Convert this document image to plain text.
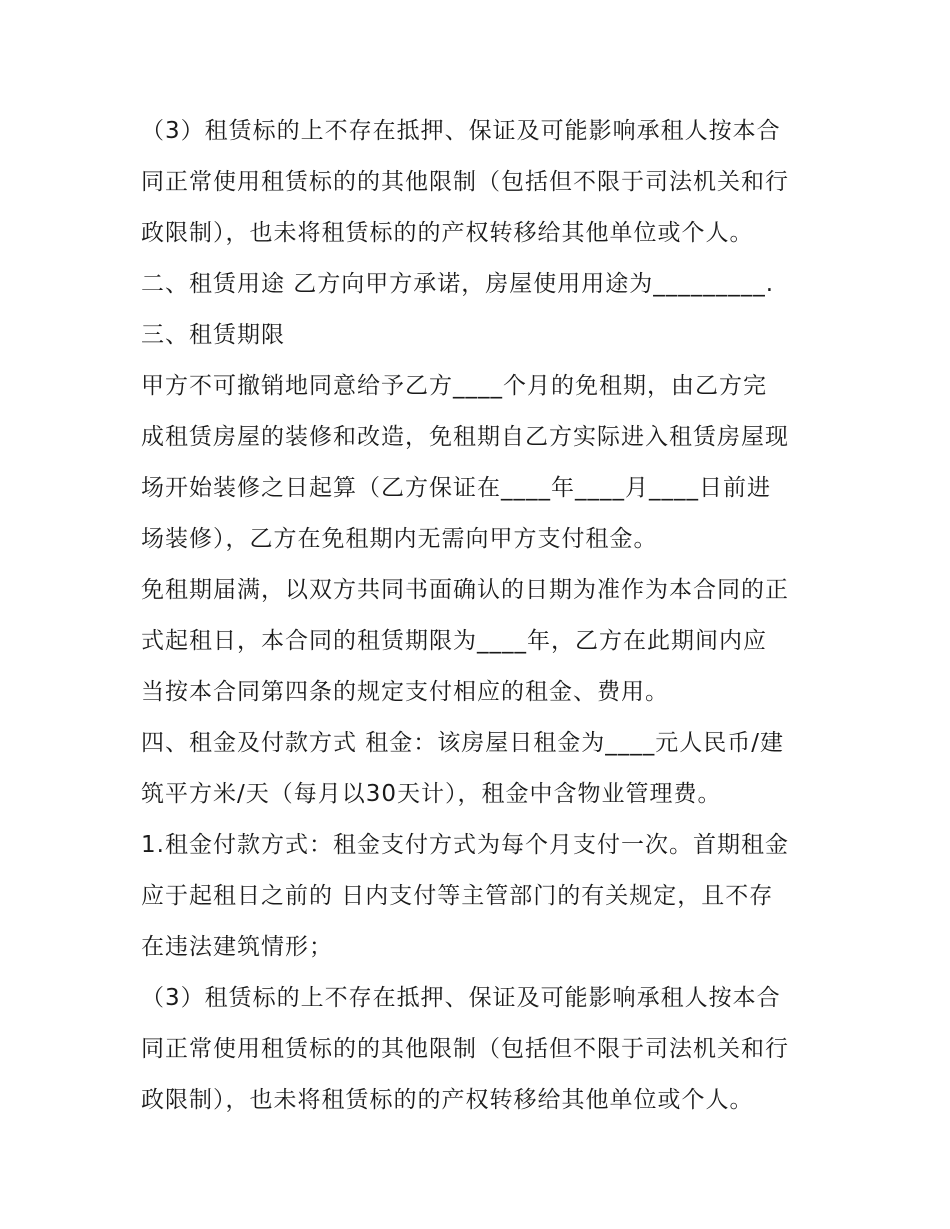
（3）租赁标的上不存在抵押、保证及可能影响承租人按本合
同正常使用租赁标的的其他限制（包括但不限于司法机关和行
政限制），也未将租赁标的的产权转移给其他单位或个人。
二、租赁用途 乙方向甲方承诺，房屋使用用途为_________.
三、租赁期限
甲方不可撤销地同意给予乙方____个月的免租期，由乙方完
成租赁房屋的装修和改造，免租期自乙方实际进入租赁房屋现
场开始装修之日起算（乙方保证在____年____月____日前进
场装修），乙方在免租期内无需向甲方支付租金。
免租期届满，以双方共同书面确认的日期为准作为本合同的正
式起租日，本合同的租赁期限为____年，乙方在此期间内应
当按本合同第四条的规定支付相应的租金、费用。
四、租金及付款方式 租金：该房屋日租金为____元人民币/建
筑平方米/天（每月以30天计），租金中含物业管理费。
1.租金付款方式：租金支付方式为每个月支付一次。首期租金
应于起租日之前的 日内支付等主管部门的有关规定，且不存
在违法建筑情形；
（3）租赁标的上不存在抵押、保证及可能影响承租人按本合
同正常使用租赁标的的其他限制（包括但不限于司法机关和行
政限制），也未将租赁标的的产权转移给其他单位或个人。
